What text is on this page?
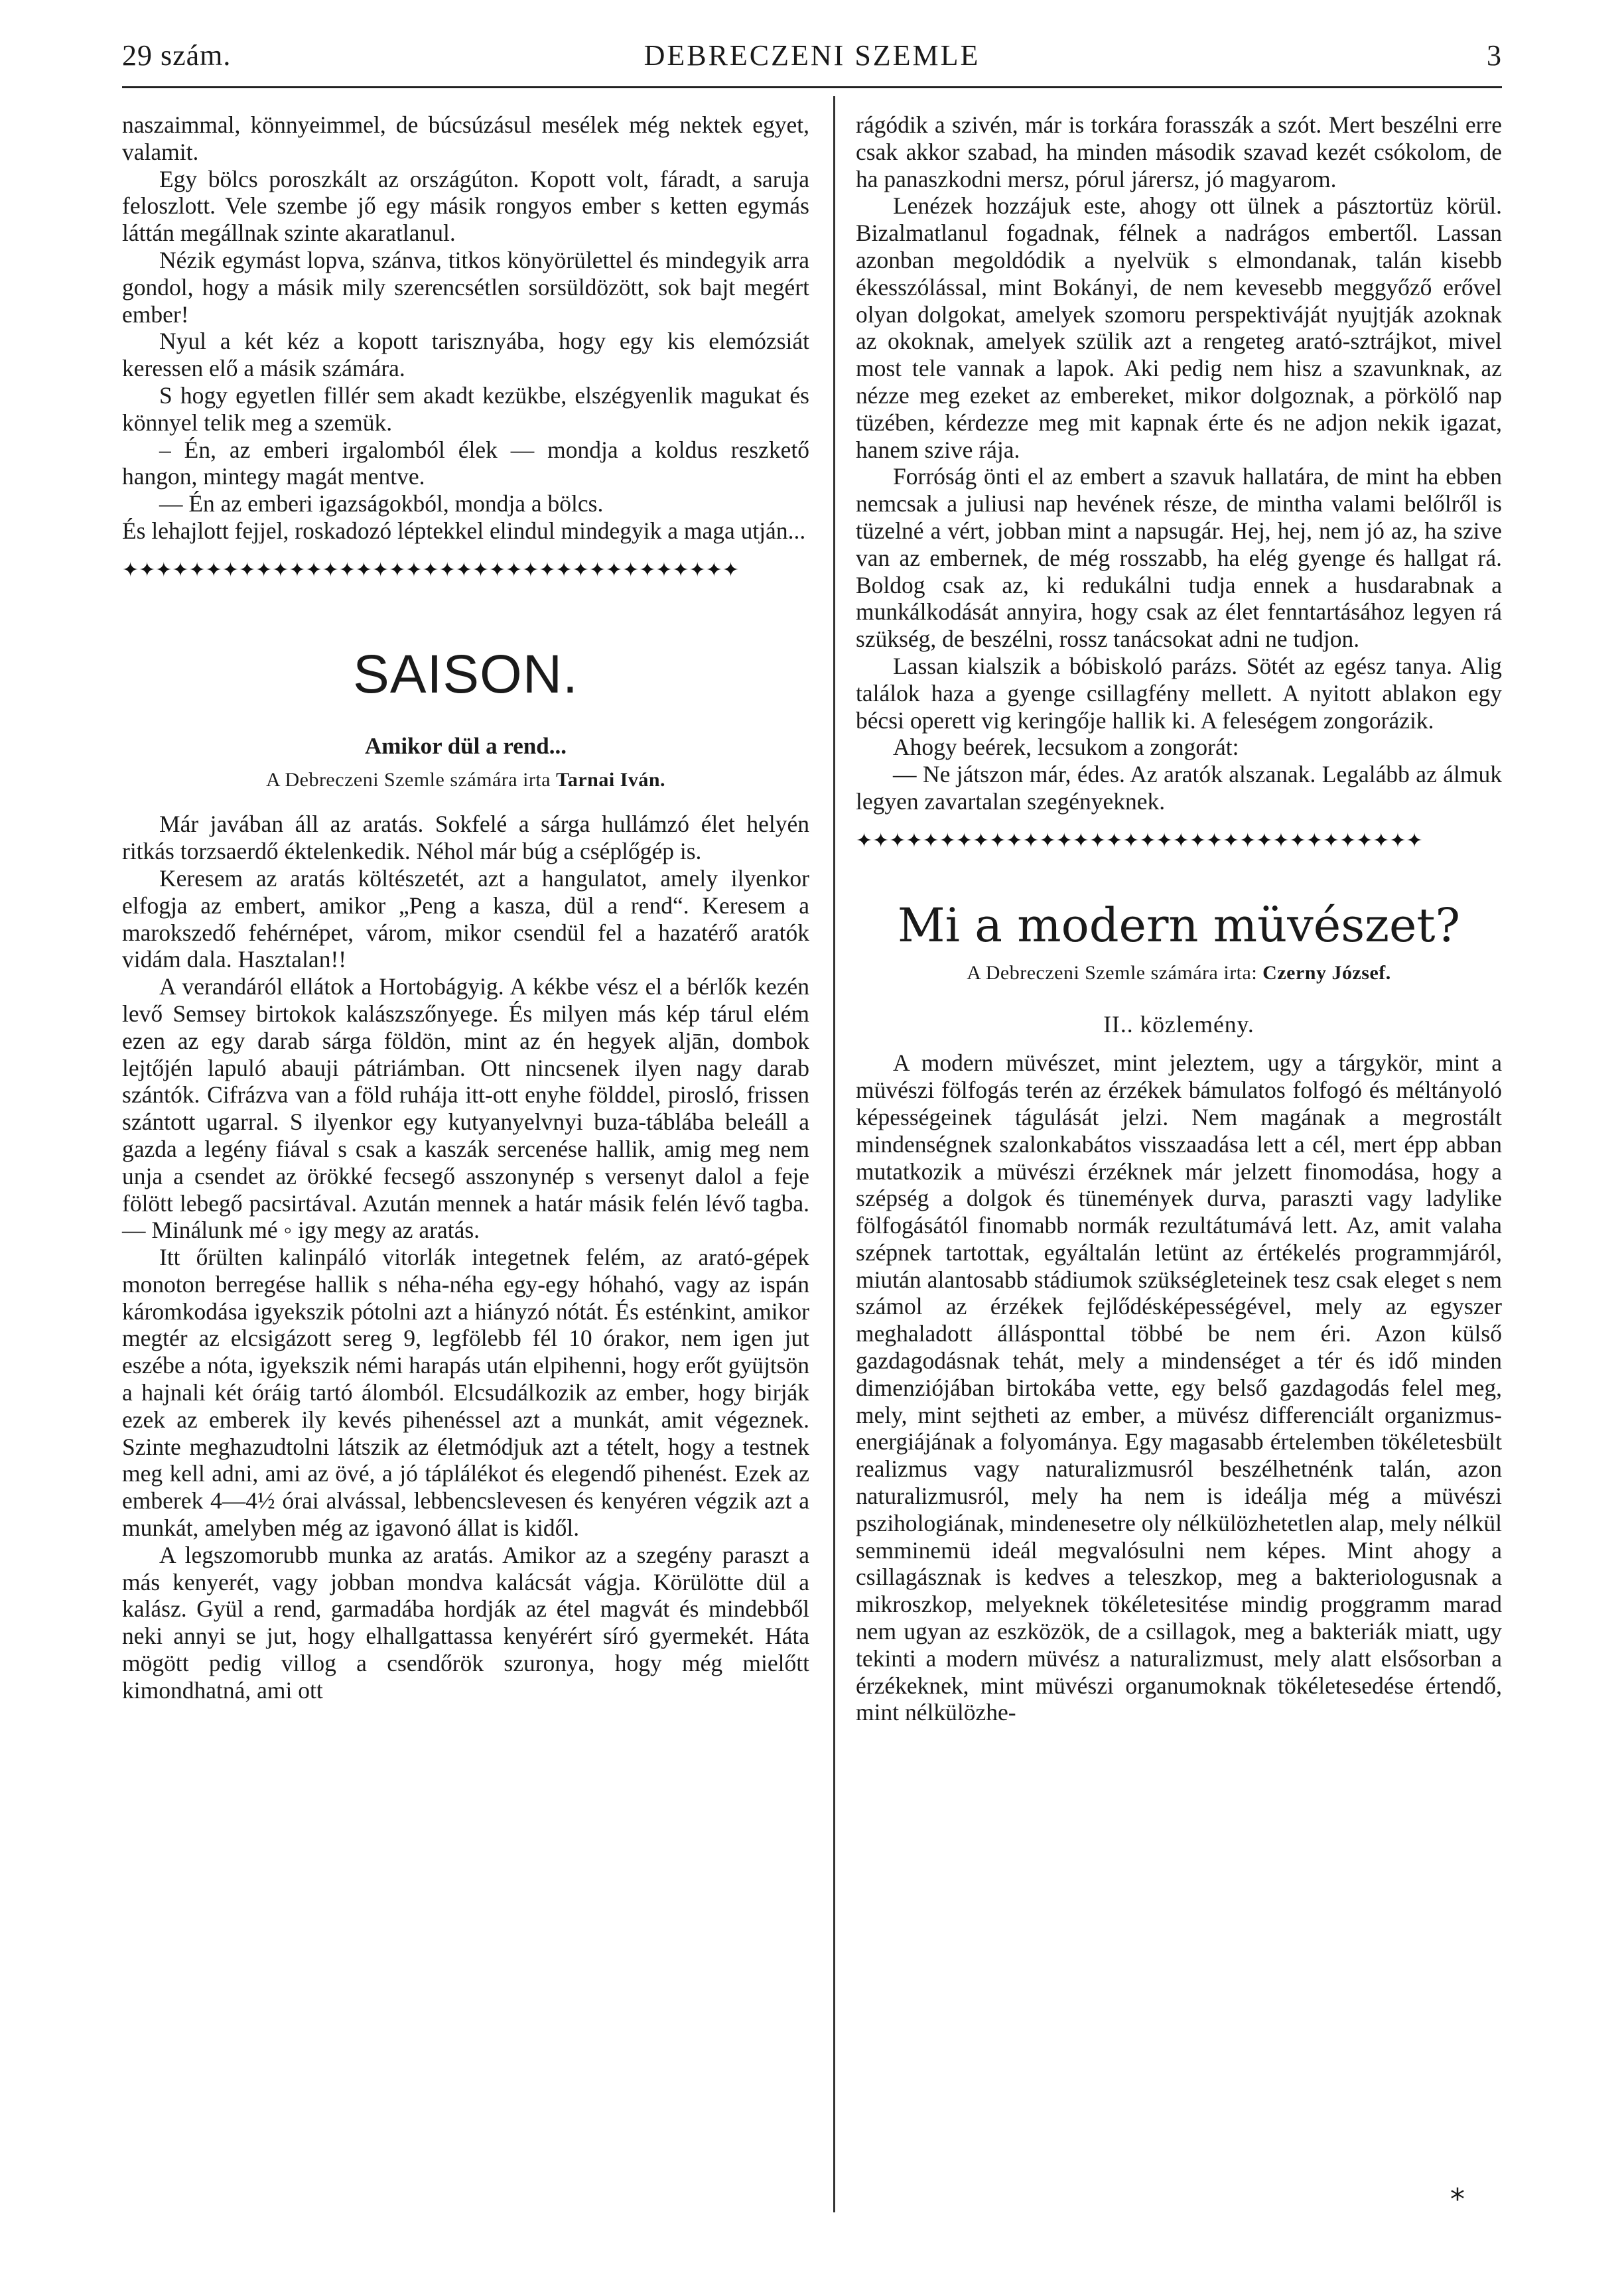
29 szám.	DEBRECZENI SZEMLE	3

naszaimmal, könnyeimmel, de búcsúzásul mesélek még nektek egyet, valamit.

Egy bölcs poroszkált az országúton. Kopott volt, fáradt, a saruja feloszlott. Vele szembe jő egy másik rongyos ember s ketten egymás láttán megállnak szinte akaratlanul.

Nézik egymást lopva, szánva, titkos könyörülettel és mindegyik arra gondol, hogy a másik mily szerencsétlen sorsüldözött, sok bajt megért ember!

Nyul a két kéz a kopott tarisznyába, hogy egy kis elemózsiát keressen elő a másik számára.

S hogy egyetlen fillér sem akadt kezükbe, elszégyenlik magukat és könnyel telik meg a szemük.

– Én, az emberi irgalomból élek — mondja a koldus reszkető hangon, mintegy magát mentve.

— Én az emberi igazságokból, mondja a bölcs.

És lehajlott fejjel, roskadozó léptekkel elindul mindegyik a maga utján...

✦✦✦✦✦✦✦✦✦✦✦✦✦✦✦✦✦✦✦✦✦✦✦✦✦✦✦✦✦✦✦✦✦✦✦✦✦
SAISON.
Amikor dül a rend...
A Debreczeni Szemle számára irta Tarnai Iván.

Már javában áll az aratás. Sokfelé a sárga hullámzó élet helyén ritkás torzsaerdő éktelenkedik. Néhol már búg a cséplőgép is.

Keresem az aratás költészetét, azt a hangulatot, amely ilyenkor elfogja az embert, amikor „Peng a kasza, dül a rend“. Keresem a marokszedő fehérnépet, várom, mikor csendül fel a hazatérő aratók vidám dala. Hasztalan!!

A verandáról ellátok a Hortobágyig. A kékbe vész el a bérlők kezén levő Semsey birtokok kalászszőnyege. És milyen más kép tárul elém ezen az egy darab sárga földön, mint az én hegyek aljān, dombok lejtőjén lapuló abauji pátriámban. Ott nincsenek ilyen nagy darab szántók. Cifrázva van a föld ruhája itt-ott enyhe földdel, pirosló, frissen szántott ugarral. S ilyenkor egy kutyanyelvnyi buza-táblába beleáll a gazda a legény fiával s csak a kaszák sercenése hallik, amig meg nem unja a csendet az örökké fecsegő asszonynép s versenyt dalol a feje fölött lebegő pacsirtával. Azután mennek a határ másik felén lévő tagba. — Minálunk mé ◦ igy megy az aratás.

Itt őrülten kalinpáló vitorlák integetnek felém, az arató-gépek monoton berregése hallik s néha-néha egy-egy hóhahó, vagy az ispán káromkodása igyekszik pótolni azt a hiányzó nótát. És esténkint, amikor megtér az elcsigázott sereg 9, legfölebb fél 10 órakor, nem igen jut eszébe a nóta, igyekszik némi harapás után elpihenni, hogy erőt gyüjtsön a hajnali két óráig tartó álomból. Elcsudálkozik az ember, hogy birják ezek az emberek ily kevés pihenéssel azt a munkát, amit végeznek. Szinte meghazudtolni látszik az életmódjuk azt a tételt, hogy a testnek meg kell adni, ami az övé, a jó táplálékot és elegendő pihenést. Ezek az emberek 4—4½ órai alvással, lebbencslevesen és kenyéren végzik azt a munkát, amelyben még az igavonó állat is kidől.

A legszomorubb munka az aratás. Amikor az a szegény paraszt a más kenyerét, vagy jobban mondva kalácsát vágja. Körülötte dül a kalász. Gyül a rend, garmadába hordják az étel magvát és mindebből neki annyi se jut, hogy elhallgattassa kenyérért síró gyermekét. Háta mögött pedig villog a csendőrök szuronya, hogy még mielőtt kimondhatná, ami ott

rágódik a szivén, már is torkára forasszák a szót. Mert beszélni erre csak akkor szabad, ha minden második szavad kezét csókolom, de ha panaszkodni mersz, pórul járersz, jó magyarom.

Lenézek hozzájuk este, ahogy ott ülnek a pásztortüz körül. Bizalmatlanul fogadnak, félnek a nadrágos embertől. Lassan azonban megoldódik a nyelvük s elmondanak, talán kisebb ékesszólással, mint Bokányi, de nem kevesebb meggyőző erővel olyan dolgokat, amelyek szomoru perspektiváját nyujtják azoknak az okoknak, amelyek szülik azt a rengeteg arató-sztrájkot, mivel most tele vannak a lapok. Aki pedig nem hisz a szavunknak, az nézze meg ezeket az embereket, mikor dolgoznak, a pörkölő nap tüzében, kérdezze meg mit kapnak érte és ne adjon nekik igazat, hanem szive rája.

Forróság önti el az embert a szavuk hallatára, de mint ha ebben nemcsak a juliusi nap hevének része, de mintha valami belőlről is tüzelné a vért, jobban mint a napsugár. Hej, hej, nem jó az, ha szive van az embernek, de még rosszabb, ha elég gyenge és hallgat rá. Boldog csak az, ki redukálni tudja ennek a husdarabnak a munkálkodását annyira, hogy csak az élet fenntartásához legyen rá szükség, de beszélni, rossz tanácsokat adni ne tudjon.

Lassan kialszik a bóbiskoló parázs. Sötét az egész tanya. Alig találok haza a gyenge csillagfény mellett. A nyitott ablakon egy bécsi operett vig keringője hallik ki. A feleségem zongorázik.

Ahogy beérek, lecsukom a zongorát:

— Ne játszon már, édes. Az aratók alszanak. Legalább az álmuk legyen zavartalan szegényeknek.

✦✦✦✦✦✦✦✦✦✦✦✦✦✦✦✦✦✦✦✦✦✦✦✦✦✦✦✦✦✦✦✦✦✦
Mi a modern müvészet?
A Debreczeni Szemle számára irta: Czerny József.
II.. közlemény.

A modern müvészet, mint jeleztem, ugy a tárgykör, mint a müvészi fölfogás terén az érzékek bámulatos folfogó és méltányoló képességeinek tágulását jelzi. Nem magának a megrostált mindenségnek szalonkabátos visszaadása lett a cél, mert épp abban mutatkozik a müvészi érzéknek már jelzett finomodása, hogy a szépség a dolgok és tünemények durva, paraszti vagy ladylike fölfogásától finomabb normák rezultátumává lett. Az, amit valaha szépnek tartottak, egyáltalán letünt az értékelés programmjáról, miután alantosabb stádiumok szükségleteinek tesz csak eleget s nem számol az érzékek fejlődésképességével, mely az egyszer meghaladott állásponttal többé be nem éri. Azon külső gazdagodásnak tehát, mely a mindenséget a tér és idő minden dimenziójában birtokába vette, egy belső gazdagodás felel meg, mely, mint sejtheti az ember, a müvész differenciált organizmus-energiájának a folyománya. Egy magasabb értelemben tökéletesbült realizmus vagy naturalizmusról beszélhetnénk talán, azon naturalizmusról, mely ha nem is ideálja még a müvészi pszihologiának, mindenesetre oly nélkülözhetetlen alap, mely nélkül semminemü ideál megvalósulni nem képes. Mint ahogy a csillagásznak is kedves a teleszkop, meg a bakteriologusnak a mikroszkop, melyeknek tökéletesitése mindig proggramm marad nem ugyan az eszközök, de a csillagok, meg a bakteriák miatt, ugy tekinti a modern müvész a naturalizmust, mely alatt elsősorban a érzékeknek, mint müvészi organumoknak tökéletesedése értendő, mint nélkülözhe-

*
